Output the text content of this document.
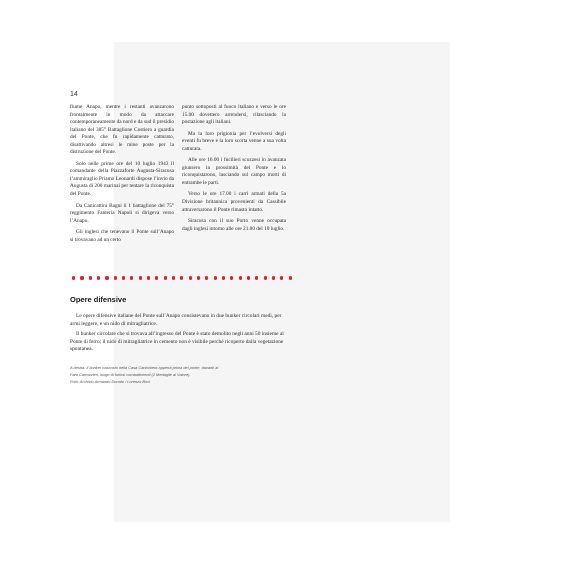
14

fiume Anapo, mentre i restanti avanzarono frontalmente in modo da attaccare contemporaneamente da nord e da sud il presidio italiano del 385° Battaglione Costiero a guardia del Ponte, che fu rapidamente catturato, disattivando altresì le mine poste per la distruzione del Ponte.

Solo nelle prime ore del 10 luglio 1943 il comandante della Piazzaforte Augusta-Siracusa l’ammiraglio Priamo Leonardi dispose l’invio da Augusta di 200 marinai per tentare la riconquista del Ponte.

Da Canicattini Bagni il 1 battaglione del 75° reggimento Fanteria Napoli si dirigeva verso l’Anapo.

Gli inglesi che tenevano il Ponte sull’Anapo si trovavano ad un certo

punto sottoposti al fuoco italiano e verso le ore 15.00 dovettero arrendersi, rilasciando la postazione agli italiani.

Ma la loro prigionia per l’evolversi degli eventi fu breve e la loro scorta venne a sua volta catturata.

Alle ore 16.00 i fucilieri scozzesi in avanzata giunsero in prossimità del Ponte e lo riconquistarono, lasciando sul campo morti di entrambe le parti.

Verso le ore 17.00 i carri armati della 5a Divisione britannica provenienti da Cassibile attraversarono il Ponte rimasto intatto.

Siracusa con il suo Porto venne occupata dagli inglesi intorno alle ore 21.00 del 10 luglio.

Opere difensive

Le opere difensive italiane del Ponte sull’Anapo consistevano in due bunker circolari medi, per armi leggere, e un nido di mitragliatrice.

Il bunker circolare che si trovava all’ingresso del Ponte è stato demolito negli anni 50 insieme al Ponte di ferro; il nido di mitragliatrice in cemento non è visibile perché ricoperto dalla vegetazione spontanea.

A destra: il bunker nascosto nella Casa Cantoniera appena prima del ponte, davanti al

Faro Carrozzieri, luogo di furiosi combattimenti (2 Medaglie al Valore).

Foto: Archivio Armando Donato / Lorenzo Bovi
